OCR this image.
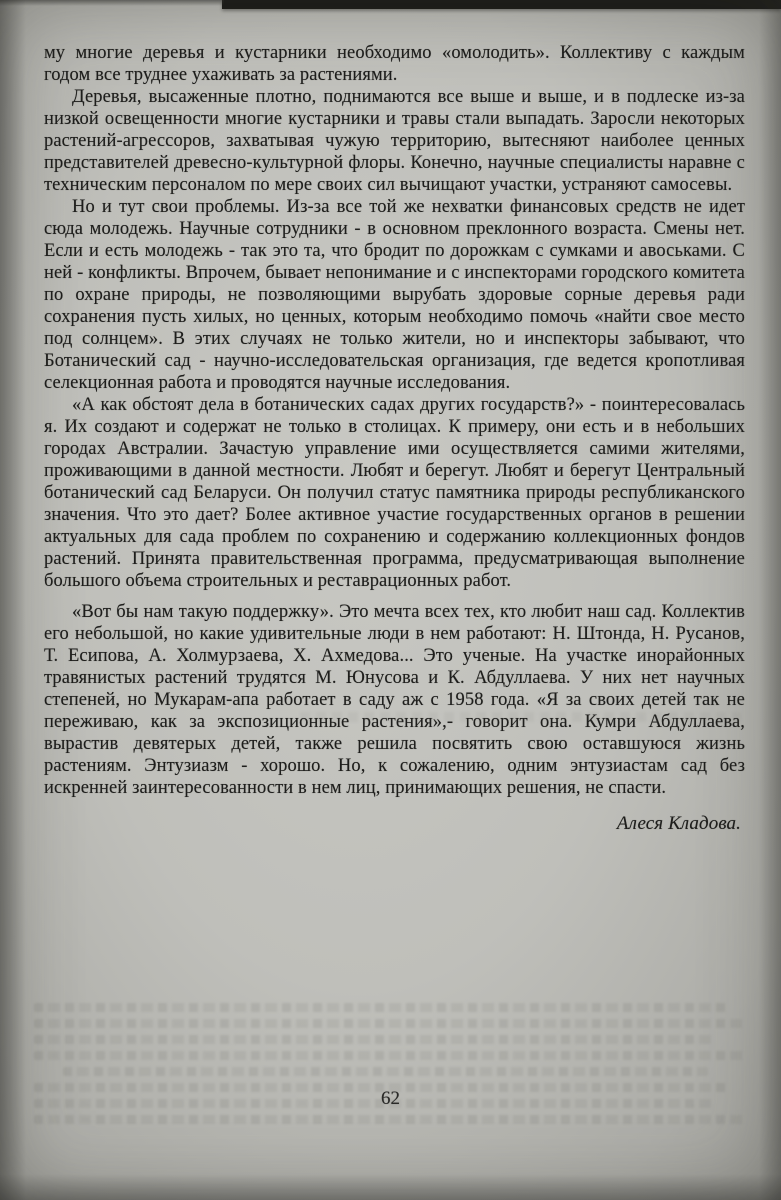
му многие деревья и кустарники необходимо «омолодить». Коллективу с каждым годом все труднее ухаживать за растениями.

Деревья, высаженные плотно, поднимаются все выше и выше, и в подлеске из-за низкой освещенности многие кустарники и травы стали выпадать. Заросли некоторых растений-агрессоров, захватывая чужую территорию, вытесняют наиболее ценных представителей древесно-культурной флоры. Конечно, научные специалисты наравне с техническим персоналом по мере своих сил вычищают участки, устраняют самосевы.

Но и тут свои проблемы. Из-за все той же нехватки финансовых средств не идет сюда молодежь. Научные сотрудники - в основном преклонного возраста. Смены нет. Если и есть молодежь - так это та, что бродит по дорожкам с сумками и авоськами. С ней - конфликты. Впрочем, бывает непонимание и с инспекторами городского комитета по охране природы, не позволяющими вырубать здоровые сорные деревья ради сохранения пусть хилых, но ценных, которым необходимо помочь «найти свое место под солнцем». В этих случаях не только жители, но и инспекторы забывают, что Ботанический сад - научно-исследовательская организация, где ведется кропотливая селекционная работа и проводятся научные исследования.

«А как обстоят дела в ботанических садах других государств?» - поинтересовалась я. Их создают и содержат не только в столицах. К примеру, они есть и в небольших городах Австралии. Зачастую управление ими осуществляется самими жителями, проживающими в данной местности. Любят и берегут. Любят и берегут Центральный ботанический сад Беларуси. Он получил статус памятника природы республиканского значения. Что это дает? Более активное участие государственных органов в решении актуальных для сада проблем по сохранению и содержанию коллекционных фондов растений. Принята правительственная программа, предусматривающая выполнение большого объема строительных и реставрационных работ.

«Вот бы нам такую поддержку». Это мечта всех тех, кто любит наш сад. Коллектив его небольшой, но какие удивительные люди в нем работают: Н. Штонда, Н. Русанов, Т. Есипова, А. Холмурзаева, Х. Ахмедова... Это ученые. На участке инорайонных травянистых растений трудятся М. Юнусова и К. Абдуллаева. У них нет научных степеней, но Мукарам-апа работает в саду аж с 1958 года. «Я за своих детей так не переживаю, как за экспозиционные растения»,- говорит она. Кумри Абдуллаева, вырастив девятерых детей, также решила посвятить свою оставшуюся жизнь растениям. Энтузиазм - хорошо. Но, к сожалению, одним энтузиастам сад без искренней заинтересованности в нем лиц, принимающих решения, не спасти.

Алеся Кладова.

62
